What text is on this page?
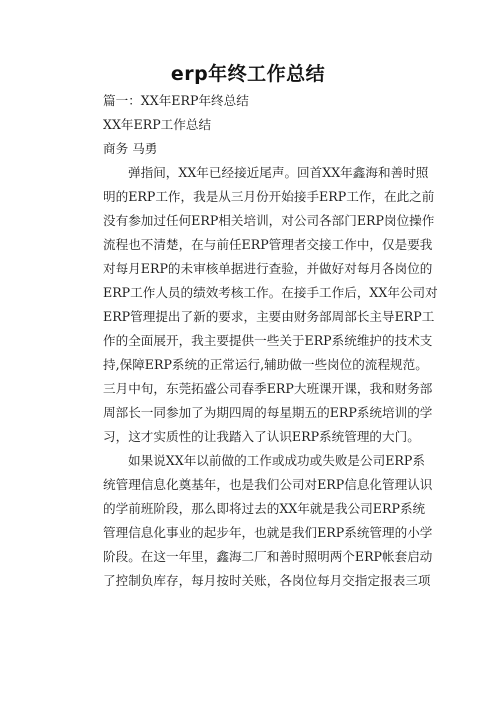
erp年终工作总结
篇一：XX年ERP年终总结
XX年ERP工作总结
商务 马勇
弹指间，XX年已经接近尾声。回首XX年鑫海和善时照
明的ERP工作，我是从三月份开始接手ERP工作，在此之前
没有参加过任何ERP相关培训，对公司各部门ERP岗位操作
流程也不清楚，在与前任ERP管理者交接工作中，仅是要我
对每月ERP的未审核单据进行查验，并做好对每月各岗位的
ERP工作人员的绩效考核工作。在接手工作后，XX年公司对
ERP管理提出了新的要求，主要由财务部周部长主导ERP工
作的全面展开，我主要提供一些关于ERP系统维护的技术支
持,保障ERP系统的正常运行,辅助做一些岗位的流程规范。
三月中旬，东莞拓盛公司春季ERP大班课开课，我和财务部
周部长一同参加了为期四周的每星期五的ERP系统培训的学
习，这才实质性的让我踏入了认识ERP系统管理的大门。
如果说XX年以前做的工作或成功或失败是公司ERP系
统管理信息化奠基年，也是我们公司对ERP信息化管理认识
的学前班阶段，那么即将过去的XX年就是我公司ERP系统
管理信息化事业的起步年，也就是我们ERP系统管理的小学
阶段。在这一年里，鑫海二厂和善时照明两个ERP帐套启动
了控制负库存，每月按时关账，各岗位每月交指定报表三项
